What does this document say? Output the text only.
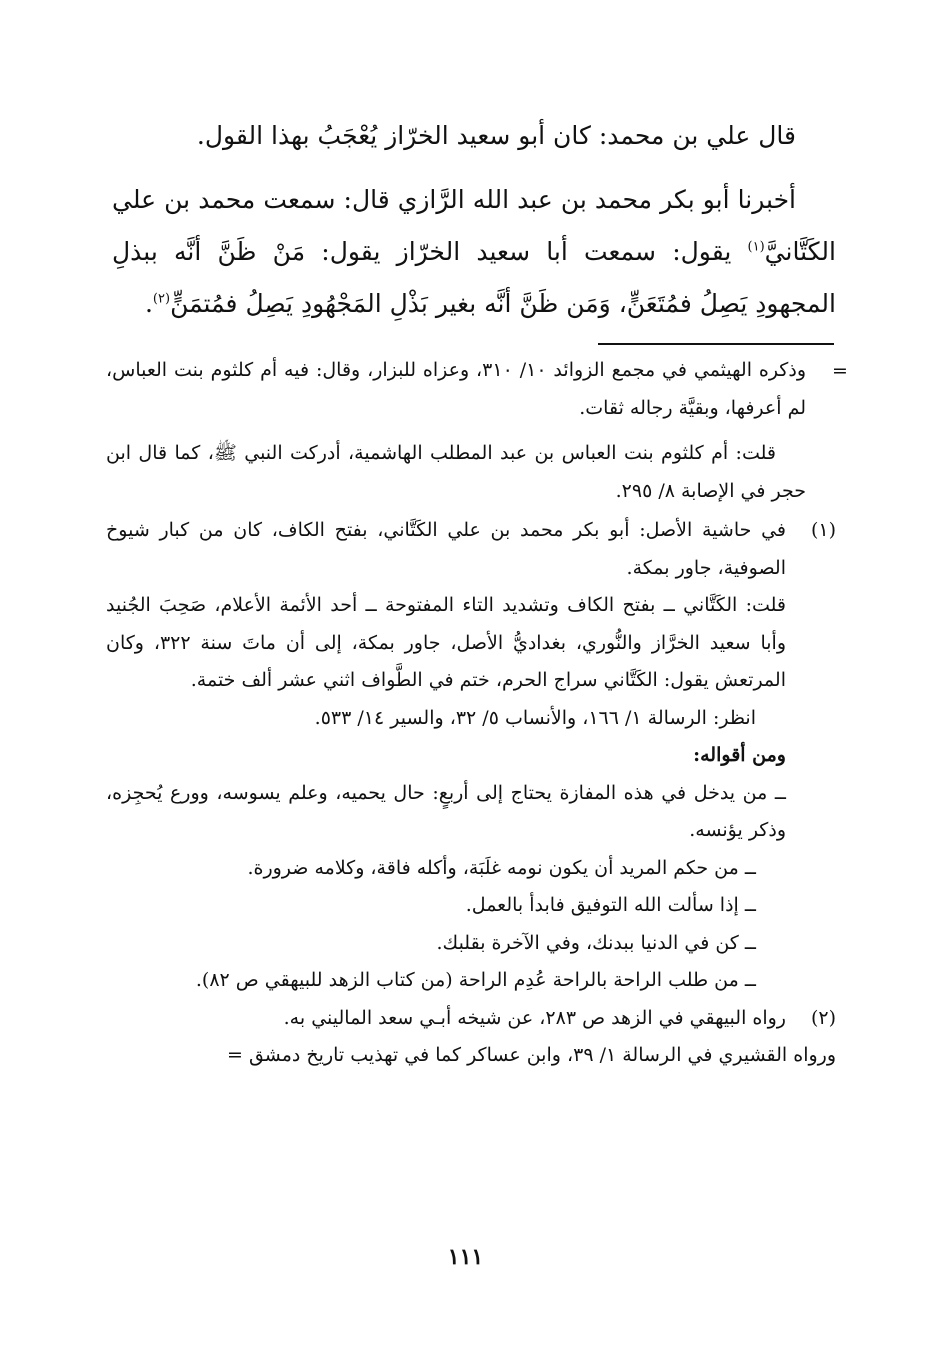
قال علي بن محمد: كان أبو سعيد الخرّاز يُعْجَبُ بهذا القول.

أخبرنا أبو بكر محمد بن عبد الله الرَّازي قال: سمعت محمد بن علي الكَتَّانيَّ$^{(١)}$ يقول: سمعت أبا سعيد الخرّاز يقول: مَنْ ظَنَّ أنَّه ببذلِ المجهودِ يَصِلُ فمُتَعَنٍّ، وَمَن ظَنَّ أنَّه بغير بَذْلِ المَجْهُودِ يَصِلُ فمُتمَنٍّ$^{(٢)}$.

=

وذكره الهيثمي في مجمع الزوائد ١٠/ ٣١٠، وعزاه للبزار، وقال: فيه أم كلثوم بنت العباس، لم أعرفها، وبقيَّة رجاله ثقات.

قلت: أم كلثوم بنت العباس بن عبد المطلب الهاشمية، أدركت النبي ﷺ، كما قال ابن حجر في الإصابة ٨/ ٢٩٥.

(١)

في حاشية الأصل: أبو بكر محمد بن علي الكَتَّاني، بفتح الكاف، كان من كبار شيوخ الصوفية، جاور بمكة.

قلت: الكَتَّاني ــ بفتح الكاف وتشديد التاء المفتوحة ــ أحد الأئمة الأعلام، صَحِبَ الجُنيد وأبا سعيد الخرَّاز والنُّوري، بغداديُّ الأصل، جاور بمكة، إلى أن ماتَ سنة ٣٢٢، وكان المرتعش يقول: الكَتَّاني سراج الحرم، ختم في الطَّواف اثني عشر ألف ختمة.

انظر: الرسالة ١/ ١٦٦، والأنساب ٥/ ٣٢، والسير ١٤/ ٥٣٣.

ومن أقواله:

ــ من يدخل في هذه المفازة يحتاج إلى أربعٍ: حال يحميه، وعلم يسوسه، وورع يُحجِزه، وذكر يؤنسه.

ــ من حكم المريد أن يكون نومه غلَبَة، وأكله فاقة، وكلامه ضرورة.

ــ إذا سألت الله التوفيق فابدأ بالعمل.

ــ كن في الدنيا ببدنك، وفي الآخرة بقلبك.

ــ من طلب الراحة بالراحة عُدِم الراحة (من كتاب الزهد للبيهقي ص ٨٢).

(٢)

رواه البيهقي في الزهد ص ٢٨٣، عن شيخه أبـي سعد الماليني به.

ورواه القشيري في الرسالة ١/ ٣٩، وابن عساكر كما في تهذيب تاريخ دمشق =

١١١
